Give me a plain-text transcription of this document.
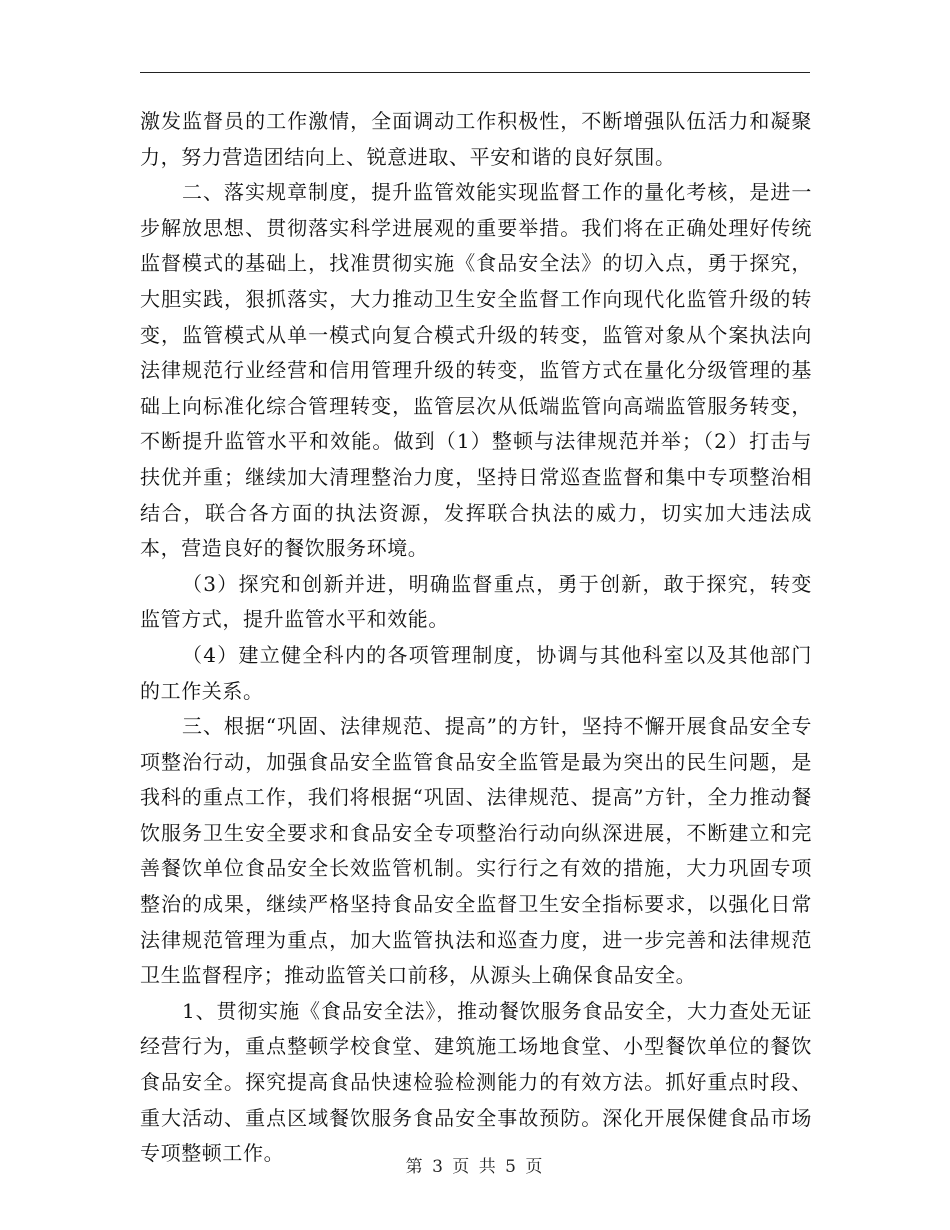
激发监督员的工作激情，全面调动工作积极性，不断增强队伍活力和凝聚力，努力营造团结向上、锐意进取、平安和谐的良好氛围。

二、落实规章制度，提升监管效能实现监督工作的量化考核，是进一步解放思想、贯彻落实科学进展观的重要举措。我们将在正确处理好传统监督模式的基础上，找准贯彻实施《食品安全法》的切入点，勇于探究，大胆实践，狠抓落实，大力推动卫生安全监督工作向现代化监管升级的转变，监管模式从单一模式向复合模式升级的转变，监管对象从个案执法向法律规范行业经营和信用管理升级的转变，监管方式在量化分级管理的基础上向标准化综合管理转变，监管层次从低端监管向高端监管服务转变，不断提升监管水平和效能。做到（1）整顿与法律规范并举；（2）打击与扶优并重；继续加大清理整治力度，坚持日常巡查监督和集中专项整治相结合，联合各方面的执法资源，发挥联合执法的威力，切实加大违法成本，营造良好的餐饮服务环境。

（3）探究和创新并进，明确监督重点，勇于创新，敢于探究，转变监管方式，提升监管水平和效能。

（4）建立健全科内的各项管理制度，协调与其他科室以及其他部门的工作关系。

三、根据“巩固、法律规范、提高”的方针，坚持不懈开展食品安全专项整治行动，加强食品安全监管食品安全监管是最为突出的民生问题，是我科的重点工作，我们将根据“巩固、法律规范、提高”方针，全力推动餐饮服务卫生安全要求和食品安全专项整治行动向纵深进展，不断建立和完善餐饮单位食品安全长效监管机制。实行行之有效的措施，大力巩固专项整治的成果，继续严格坚持食品安全监督卫生安全指标要求，以强化日常法律规范管理为重点，加大监管执法和巡查力度，进一步完善和法律规范卫生监督程序；推动监管关口前移，从源头上确保食品安全。

1、贯彻实施《食品安全法》，推动餐饮服务食品安全，大力查处无证经营行为，重点整顿学校食堂、建筑施工场地食堂、小型餐饮单位的餐饮食品安全。探究提高食品快速检验检测能力的有效方法。抓好重点时段、重大活动、重点区域餐饮服务食品安全事故预防。深化开展保健食品市场专项整顿工作。

第 3 页 共 5 页
